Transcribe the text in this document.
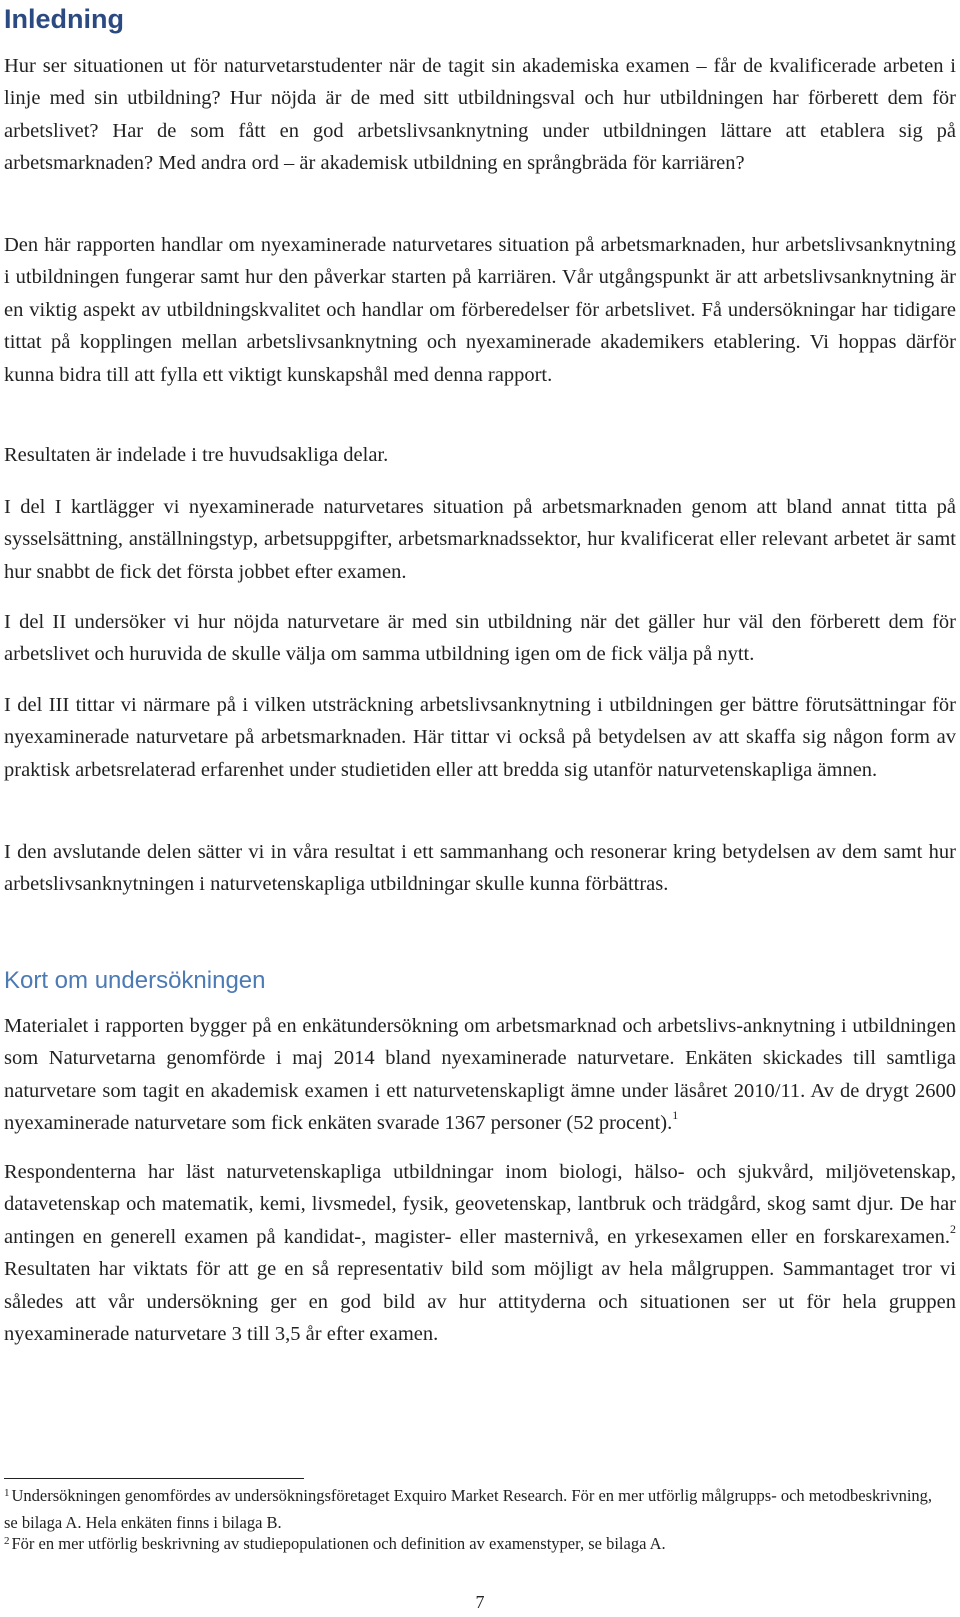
Inledning

Hur ser situationen ut för naturvetarstudenter när de tagit sin akademiska examen – får de kvalificerade arbeten i linje med sin utbildning? Hur nöjda är de med sitt utbildningsval och hur utbildningen har förberett dem för arbetslivet? Har de som fått en god arbetslivsanknytning under utbildningen lättare att etablera sig på arbetsmarknaden? Med andra ord – är akademisk utbildning en språngbräda för karriären?

Den här rapporten handlar om nyexaminerade naturvetares situation på arbetsmarknaden, hur arbetslivsanknytning i utbildningen fungerar samt hur den påverkar starten på karriären. Vår utgångspunkt är att arbetslivsanknytning är en viktig aspekt av utbildningskvalitet och handlar om förberedelser för arbetslivet. Få undersökningar har tidigare tittat på kopplingen mellan arbetslivsanknytning och nyexaminerade akademikers etablering. Vi hoppas därför kunna bidra till att fylla ett viktigt kunskapshål med denna rapport.

Resultaten är indelade i tre huvudsakliga delar.

I del I kartlägger vi nyexaminerade naturvetares situation på arbetsmarknaden genom att bland annat titta på sysselsättning, anställningstyp, arbetsuppgifter, arbetsmarknadssektor, hur kvalificerat eller relevant arbetet är samt hur snabbt de fick det första jobbet efter examen.

I del II undersöker vi hur nöjda naturvetare är med sin utbildning när det gäller hur väl den förberett dem för arbetslivet och huruvida de skulle välja om samma utbildning igen om de fick välja på nytt.

I del III tittar vi närmare på i vilken utsträckning arbetslivsanknytning i utbildningen ger bättre förutsättningar för nyexaminerade naturvetare på arbetsmarknaden. Här tittar vi också på betydelsen av att skaffa sig någon form av praktisk arbetsrelaterad erfarenhet under studietiden eller att bredda sig utanför naturvetenskapliga ämnen.

I den avslutande delen sätter vi in våra resultat i ett sammanhang och resonerar kring betydelsen av dem samt hur arbetslivsanknytningen i naturvetenskapliga utbildningar skulle kunna förbättras.

Kort om undersökningen

Materialet i rapporten bygger på en enkätundersökning om arbetsmarknad och arbetslivs-anknytning i utbildningen som Naturvetarna genomförde i maj 2014 bland nyexaminerade naturvetare. Enkäten skickades till samtliga naturvetare som tagit en akademisk examen i ett naturvetenskapligt ämne under läsåret 2010/11. Av de drygt 2600 nyexaminerade naturvetare som fick enkäten svarade 1367 personer (52 procent).$^1$

Respondenterna har läst naturvetenskapliga utbildningar inom biologi, hälso- och sjukvård, miljövetenskap, datavetenskap och matematik, kemi, livsmedel, fysik, geovetenskap, lantbruk och trädgård, skog samt djur. De har antingen en generell examen på kandidat-, magister- eller masternivå, en yrkesexamen eller en forskarexamen.$^2$ Resultaten har viktats för att ge en så representativ bild som möjligt av hela målgruppen. Sammantaget tror vi således att vår undersökning ger en god bild av hur attityderna och situationen ser ut för hela gruppen nyexaminerade naturvetare 3 till 3,5 år efter examen.

$^1$ Undersökningen genomfördes av undersökningsföretaget Exquiro Market Research. För en mer utförlig målgrupps- och metodbeskrivning, se bilaga A. Hela enkäten finns i bilaga B.
$^2$ För en mer utförlig beskrivning av studiepopulationen och definition av examenstyper, se bilaga A.
7
